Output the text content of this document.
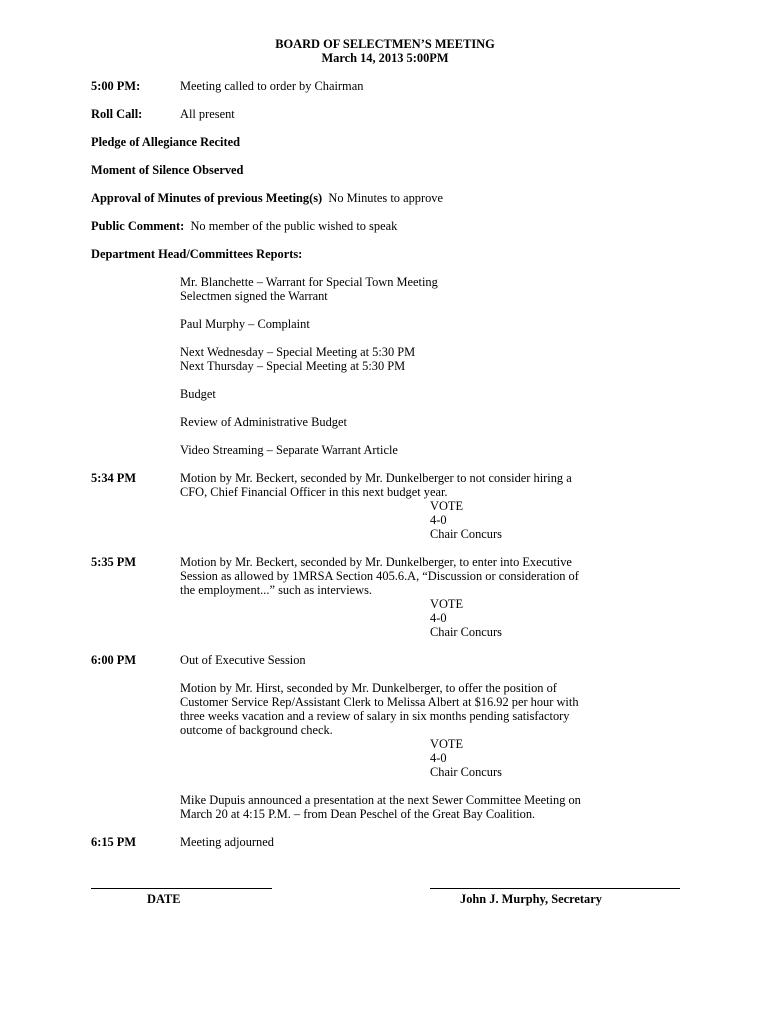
BOARD OF SELECTMEN’S MEETING
March 14, 2013 5:00PM
5:00 PM:	Meeting called to order by Chairman
Roll Call:	All present
Pledge of Allegiance Recited
Moment of Silence Observed
Approval of Minutes of previous Meeting(s) No Minutes to approve
Public Comment: No member of the public wished to speak
Department Head/Committees Reports:
Mr. Blanchette – Warrant for Special Town Meeting
Selectmen signed the Warrant
Paul Murphy – Complaint
Next Wednesday – Special Meeting at 5:30 PM
Next Thursday – Special Meeting at 5:30 PM
Budget
Review of Administrative Budget
Video Streaming – Separate Warrant Article
5:34 PM	Motion by Mr. Beckert, seconded by Mr. Dunkelberger to not consider hiring a
CFO, Chief Financial Officer in this next budget year.
VOTE
4-0
Chair Concurs
5:35 PM	Motion by Mr. Beckert, seconded by Mr. Dunkelberger, to enter into Executive
Session as allowed by 1MRSA Section 405.6.A, “Discussion or consideration of
the employment...” such as interviews.
VOTE
4-0
Chair Concurs
6:00 PM	Out of Executive Session
Motion by Mr. Hirst, seconded by Mr. Dunkelberger, to offer the position of
Customer Service Rep/Assistant Clerk to Melissa Albert at $16.92 per hour with
three weeks vacation and a review of salary in six months pending satisfactory
outcome of background check.
VOTE
4-0
Chair Concurs
Mike Dupuis announced a presentation at the next Sewer Committee Meeting on
March 20 at 4:15 P.M. – from Dean Peschel of the Great Bay Coalition.
6:15 PM	Meeting adjourned
DATE	John J. Murphy, Secretary
